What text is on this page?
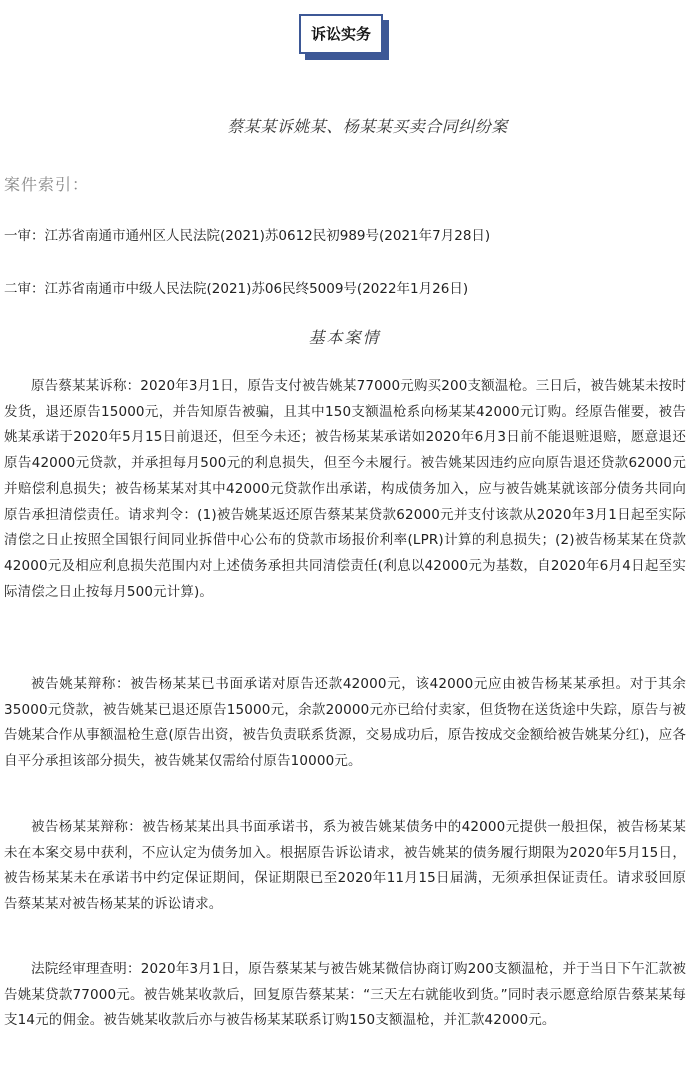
诉讼实务
蔡某某诉姚某、杨某某买卖合同纠纷案
案件索引：
一审：江苏省南通市通州区人民法院(2021)苏0612民初989号(2021年7月28日)
二审：江苏省南通市中级人民法院(2021)苏06民终5009号(2022年1月26日)
基本案情

原告蔡某某诉称：2020年3月1日，原告支付被告姚某77000元购买200支额温枪。三日后，被告姚某未按时发货，退还原告15000元，并告知原告被骗，且其中150支额温枪系向杨某某42000元订购。经原告催要，被告姚某承诺于2020年5月15日前退还，但至今未还；被告杨某某承诺如2020年6月3日前不能退赃退赔，愿意退还原告42000元贷款，并承担每月500元的利息损失，但至今未履行。被告姚某因违约应向原告退还贷款62000元并赔偿利息损失；被告杨某某对其中42000元贷款作出承诺，构成债务加入，应与被告姚某就该部分债务共同向原告承担清偿责任。请求判令：(1)被告姚某返还原告蔡某某贷款62000元并支付该款从2020年3月1日起至实际清偿之日止按照全国银行间同业拆借中心公布的贷款市场报价利率(LPR)计算的利息损失；(2)被告杨某某在贷款42000元及相应利息损失范围内对上述债务承担共同清偿责任(利息以42000元为基数，自2020年6月4日起至实际清偿之日止按每月500元计算)。

被告姚某辩称：被告杨某某已书面承诺对原告还款42000元，该42000元应由被告杨某某承担。对于其余35000元贷款，被告姚某已退还原告15000元，余款20000元亦已给付卖家，但货物在送货途中失踪，原告与被告姚某合作从事额温枪生意(原告出资，被告负责联系货源，交易成功后，原告按成交金额给被告姚某分红)，应各自平分承担该部分损失，被告姚某仅需给付原告10000元。

被告杨某某辩称：被告杨某某出具书面承诺书，系为被告姚某债务中的42000元提供一般担保，被告杨某某未在本案交易中获利，不应认定为债务加入。根据原告诉讼请求，被告姚某的债务履行期限为2020年5月15日，被告杨某某未在承诺书中约定保证期间，保证期限已至2020年11月15日届满，无须承担保证责任。请求驳回原告蔡某某对被告杨某某的诉讼请求。

法院经审理查明：2020年3月1日，原告蔡某某与被告姚某微信协商订购200支额温枪，并于当日下午汇款被告姚某贷款77000元。被告姚某收款后，回复原告蔡某某：“三天左右就能收到货。”同时表示愿意给原告蔡某某每支14元的佣金。被告姚某收款后亦与被告杨某某联系订购150支额温枪，并汇款42000元。
